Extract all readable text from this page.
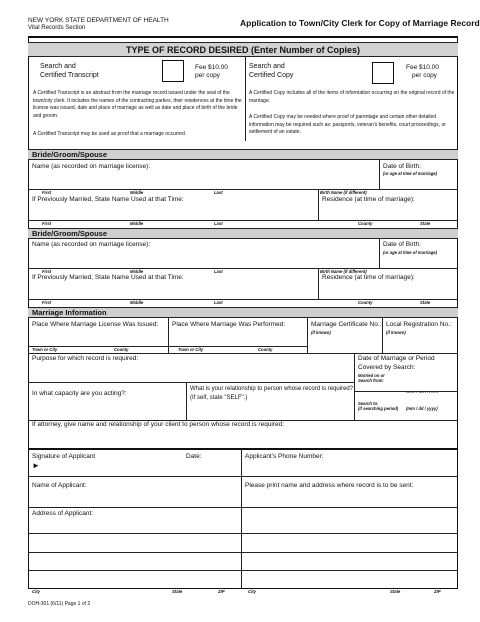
NEW YORK STATE DEPARTMENT OF HEALTH
Vital Records Section	Application to Town/City Clerk for Copy of Marriage Record
TYPE OF RECORD DESIRED (Enter Number of Copies)
Search and
Certified Transcript
Fee $10.00
per copy
Search and
Certified Copy
Fee $10.00
per copy
A Certified Transcript is an abstract from the marriage record issued under the seal of the town/city clerk. It includes the names of the contracting parties, their residences at the time the license was issued, date and place of marriage as well as date and place of birth of the bride and groom.
A Certified Transcript may be used as proof that a marriage occurred.
A Certified Copy includes all of the items of information occurring on the original record of the marriage.
A Certified Copy may be needed where proof of parentage and certain other detailed information may be required such as: passports, veteran's benefits, court proceedings, or settlement of an estate.
Bride/Groom/Spouse
Name (as recorded on marriage license):	Date of Birth:
(or age at time of marriage)
First	Middle	Last	Birth Name (if different)
If Previously Married, State Name Used at that Time:	Residence (at time of marriage):
First	Middle	Last	County	State
Bride/Groom/Spouse
Name (as recorded on marriage license):	Date of Birth:
(or age at time of marriage)
First	Middle	Last	Birth Name (if different)
If Previously Married, State Name Used at that Time:	Residence (at time of marriage):
First	Middle	Last	County	State
Marriage Information
Place Where Marriage License Was Issued: Place Where Marriage Was Performed:	Marriage Certificate No.:
(if known)
Local Registration No.:
(if known)
Town or City	County	Town or City	County
Purpose for which record is required:	Date of Marriage or Period
Covered by Search:
Married on or
Search from:
Search to:
(if searching period) (mm / dd / yyyy)
In what capacity are you acting?:
What is your relationship to person whose record is required?
(If self, state "SELF".)
If attorney, give name and relationship of your client to person whose record is required:
Signature of Applicant
►
Date:	Applicant's Phone Number:
Name of Applicant:
Address of Applicant:
City	State	ZIP
Please print name and address where record is to be sent:
City	State	ZIP
DOH-301 (6/11) Page 1 of 2
